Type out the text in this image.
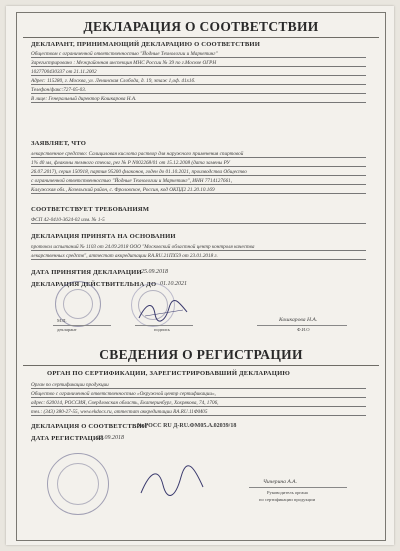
ДЕКЛАРАЦИЯ О СООТВЕТСТВИИ
ДЕКЛАРАНТ, ПРИНИМАЮЩИЙ ДЕКЛАРАЦИЮ О СООТВЕТСТВИИ
Обществом с ограниченной ответственностью "Йодные Технологии и Маркетинг"
Зарегистрировано : Межрайонная инспекция МНС России № 39 по г.Москве ОГРН
1027700430337 от 21.11.2002
Адрес: 115280, г. Москва, ул. Ленинская Слобода, д. 19, этаж 1,оф. 41х1б.
Телефон/факс:727-05-03.
В лице: Генеральный директор Кошкарова Н.А.
ЗАЯВЛЯЕТ, ЧТО
лекарственное средство: Салициловая кислота раствор для наружного применения спиртовой
1% 40 мл, флаконы темного стекла, рег № Р N002268/01 от 15.12.2008 (дата замены РУ
26.07.2017), серия 150918, партия 95200 флаконов, годен до 01.10.2021, производства Общество
с ограниченной ответственностью "Йодные Технологии и Маркетинг", ИНН 7714127661,
Калужская обл., Козельский район, с. Фроловское, Россия, код ОКПД2 21.20.10.169
СООТВЕТСТВУЕТ ТРЕБОВАНИЯМ
ФСП 42-0410-3624-02 изм. № 1-5
ДЕКЛАРАЦИЯ ПРИНЯТА НА ОСНОВАНИИ
протокол испытаний № 1103 от 24.09.2018 ООО "Московский областной центр контроля качества
лекарственных средств", аттестат аккредитации RA.RU.21ПХ59 от 23.01.2018 г.
ДАТА ПРИНЯТИЯ ДЕКЛАРАЦИИ 25.09.2018
ДЕКЛАРАЦИЯ ДЕЙСТВИТЕЛЬНА ДО 01.10.2021
М.П.
декларант	подпись
Кошкарова Н.А.
Ф.И.О
СВЕДЕНИЯ О РЕГИСТРАЦИИ
ОРГАН ПО СЕРТИФИКАЦИИ, ЗАРЕГИСТРИРОВАВШИЙ ДЕКЛАРАЦИЮ
Орган по сертификации продукции
Общество с ограниченной ответственностью «Окружной центр сертификации»,
адрес: 620014, РОССИЯ, Свердловская область, Екатеринбург, Хохрякова, 74, 1706,
тел.: (343) 380-27-55, www.ekdocs.ru, аттестат аккредитации RA.RU.11ФМ05
ДЕКЛАРАЦИЯ О СООТВЕТСТВИИ
№ РОСС RU Д-RU.ФМ05.А.02039/18
ДАТА РЕГИСТРАЦИИ
25.09.2018
Чичерина А.А.
Руководитель органа
по сертификации продукции
